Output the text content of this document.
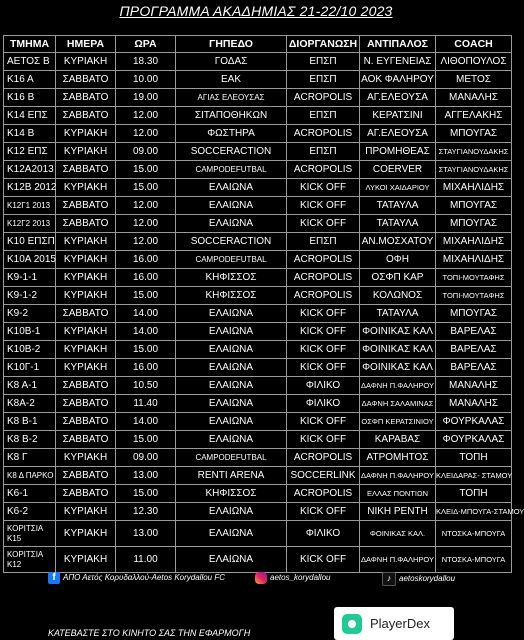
ΠΡΟΓΡΑΜΜΑ ΑΚΑΔΗΜΙΑΣ 21-22/10 2023
ΤΜΗΜΑ	ΗΜΕΡΑ	ΩΡΑ	ΓΗΠΕΔΟ	ΔΙΟΡΓΑΝΩΣΗ	ΑΝΤΙΠΑΛΟΣ	COACH
ΑΕΤΟΣ Β	ΚΥΡΙΑΚΗ	18.30	ΓΟΔΑΣ	ΕΠΣΠ	Ν. ΕΥΓΕΝΕΙΑΣ	ΛΙΘΟΠΟΥΛΟΣ
Κ16 Α	ΣΑΒΒΑΤΟ	10.00	ΕΑΚ	ΕΠΣΠ	ΑΟΚ ΦΑΛΗΡΟΥ	ΜΕΤΟΣ
Κ16 Β	ΣΑΒΒΑΤΟ	19.00	ΑΓΙΑΣ ΕΛΕΟΥΣΑΣ	ACROPOLIS	ΑΓ.ΕΛΕΟΥΣΑ	ΜΑΝΑΛΗΣ
Κ14 ΕΠΣ	ΣΑΒΒΑΤΟ	12.00	ΣΙΤΑΠΟΘΗΚΩΝ	ΕΠΣΠ	ΚΕΡΑΤΣΙΝΙ	ΑΓΓΕΛΑΚΗΣ
Κ14 Β	ΚΥΡΙΑΚΗ	12.00	ΦΩΣΤΗΡΑ	ACROPOLIS	ΑΓ.ΕΛΕΟΥΣΑ	ΜΠΟΥΓΑΣ
Κ12 ΕΠΣ	ΚΥΡΙΑΚΗ	09.00	SOCCERACTION	ΕΠΣΠ	ΠΡΟΜΗΘΕΑΣ	ΣΤΑΥΓΙΑΝΟΥΔΑΚΗΣ
Κ12Α2013	ΣΑΒΒΑΤΟ	15.00	CAMPODEFUTBAL	ACROPOLIS	COERVER	ΣΤΑΥΓΙΑΝΟΥΔΑΚΗΣ
Κ12Β 2012	ΚΥΡΙΑΚΗ	15.00	ΕΛΑΙΩΝΑ	KICK OFF	ΛΥΚΟΙ ΧΑΙΔΑΡΙΟΥ	ΜΙΧΑΗΛΙΔΗΣ
Κ12Γ1 2013	ΣΑΒΒΑΤΟ	12.00	ΕΛΑΙΩΝΑ	KICK OFF	ΤΑΤΑΥΛΑ	ΜΠΟΥΓΑΣ
Κ12Γ2 2013	ΣΑΒΒΑΤΟ	12.00	ΕΛΑΙΩΝΑ	KICK OFF	ΤΑΤΑΥΛΑ	ΜΠΟΥΓΑΣ
Κ10 ΕΠΣΠ	ΚΥΡΙΑΚΗ	12.00	SOCCERACTION	ΕΠΣΠ	ΑΝ.ΜΟΣΧΑΤΟΥ	ΜΙΧΑΗΛΙΔΗΣ
Κ10Α 2015	ΚΥΡΙΑΚΗ	16.00	CAMPODEFUTBAL	ACROPOLIS	ΟΦΗ	ΜΙΧΑΗΛΙΔΗΣ
Κ9-1-1	ΚΥΡΙΑΚΗ	16.00	ΚΗΦΙΣΣΟΣ	ACROPOLIS	ΟΣΦΠ ΚΑΡ	ΤΟΠΙ-ΜΟΥΤΑΦΗΣ
Κ9-1-2	ΚΥΡΙΑΚΗ	15.00	ΚΗΦΙΣΣΟΣ	ACROPOLIS	ΚΟΛΩΝΟΣ	ΤΟΠΙ-ΜΟΥΤΑΦΗΣ
Κ9-2	ΣΑΒΒΑΤΟ	14.00	ΕΛΑΙΩΝΑ	KICK OFF	ΤΑΤΑΥΛΑ	ΜΠΟΥΓΑΣ
Κ10Β-1	ΚΥΡΙΑΚΗ	14.00	ΕΛΑΙΩΝΑ	KICK OFF	ΦΟΙΝΙΚΑΣ ΚΑΛ	ΒΑΡΕΛΑΣ
Κ10Β-2	ΚΥΡΙΑΚΗ	15.00	ΕΛΑΙΩΝΑ	KICK OFF	ΦΟΙΝΙΚΑΣ ΚΑΛ	ΒΑΡΕΛΑΣ
Κ10Γ-1	ΚΥΡΙΑΚΗ	16.00	ΕΛΑΙΩΝΑ	KICK OFF	ΦΟΙΝΙΚΑΣ ΚΑΛ	ΒΑΡΕΛΑΣ
Κ8 Α-1	ΣΑΒΒΑΤΟ	10.50	ΕΛΑΙΩΝΑ	ΦΙΛΙΚΟ	ΔΑΦΝΗ Π.ΦΑΛΗΡΟΥ	ΜΑΝΑΛΗΣ
Κ8Α-2	ΣΑΒΒΑΤΟ	11.40	ΕΛΑΙΩΝΑ	ΦΙΛΙΚΟ	ΔΑΦΝΗ ΣΑΛΑΜΙΝΑΣ	ΜΑΝΑΛΗΣ
Κ8 Β-1	ΣΑΒΒΑΤΟ	14.00	ΕΛΑΙΩΝΑ	KICK OFF	ΟΣΦΠ ΚΕΡΑΤΣΙΝΙΟΥ	ΦΟΥΡΚΑΛΑΣ
Κ8 Β-2	ΣΑΒΒΑΤΟ	15.00	ΕΛΑΙΩΝΑ	KICK OFF	ΚΑΡΑΒΑΣ	ΦΟΥΡΚΑΛΑΣ
Κ8 Γ	ΚΥΡΙΑΚΗ	09.00	CAMPODEFUTBAL	ACROPOLIS	ΑΤΡΟΜΗΤΟΣ	ΤΟΠΗ
Κ8 Δ ΠΑΡΚΟ	ΣΑΒΒΑΤΟ	13.00	RENTI ARENA	SOCCERLINK	ΔΑΦΝΗ Π.ΦΑΛΗΡΟΥ	ΚΛΕΙΔΑΡΑΣ- ΣΤΑΜΟΥ
Κ6-1	ΣΑΒΒΑΤΟ	15.00	ΚΗΦΙΣΣΟΣ	ACROPOLIS	ΕΛΛΑΣ ΠΟΝΤΙΩΝ	ΤΟΠΗ
Κ6-2	ΚΥΡΙΑΚΗ	12.30	ΕΛΑΙΩΝΑ	KICK OFF	ΝΙΚΗ ΡΕΝΤΗ	ΚΛΕΙΔ-ΜΠΟΥΓΑ-ΣΤΑΜΟΥ
ΚΟΡΙΤΣΙΑ Κ15	ΚΥΡΙΑΚΗ	13.00	ΕΛΑΙΩΝΑ	ΦΙΛΙΚΟ	ΦΟΙΝΙΚΑΣ ΚΑΛ.	ΝΤΟΣΚΑ-ΜΠΟΥΓΑ
ΚΟΡΙΤΣΙΑ Κ12	ΚΥΡΙΑΚΗ	11.00	ΕΛΑΙΩΝΑ	KICK OFF	ΔΑΦΝΗ Π.ΦΑΛΗΡΟΥ	ΝΤΟΣΚΑ-ΜΠΟΥΓΑ
f ΑΠΟ Αετός Κορυδαλλού-Aetos Korydallou FC	aetos_korydallou	♪ aetoskorydallou
ΚΑΤΕΒΑΣΤΕ ΣΤΟ ΚΙΝΗΤΟ ΣΑΣ ΤΗΝ ΕΦΑΡΜΟΓΗ
PlayerDex
